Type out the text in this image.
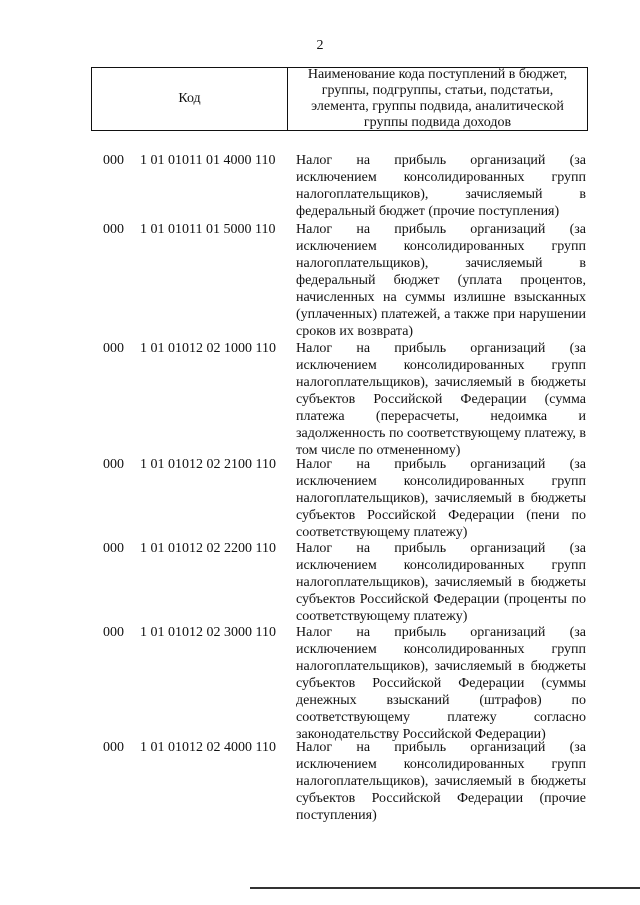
2
Код
Наименование кода поступлений в бюджет, группы, подгруппы, статьи, подстатьи, элемента, группы подвида, аналитической группы подвида доходов
000 1 01 01011 01 4000 110 Налог на прибыль организаций (за исключением консолидированных групп налогоплательщиков), зачисляемый в федеральный бюджет (прочие поступления)
000 1 01 01011 01 5000 110 Налог на прибыль организаций (за исключением консолидированных групп налогоплательщиков), зачисляемый в федеральный бюджет (уплата процентов, начисленных на суммы излишне взысканных (уплаченных) платежей, а также при нарушении сроков их возврата)
000 1 01 01012 02 1000 110 Налог на прибыль организаций (за исключением консолидированных групп налогоплательщиков), зачисляемый в бюджеты субъектов Российской Федерации (сумма платежа (перерасчеты, недоимка и задолженность по соответствующему платежу, в том числе по отмененному)
000 1 01 01012 02 2100 110 Налог на прибыль организаций (за исключением консолидированных групп налогоплательщиков), зачисляемый в бюджеты субъектов Российской Федерации (пени по соответствующему платежу)
000 1 01 01012 02 2200 110 Налог на прибыль организаций (за исключением консолидированных групп налогоплательщиков), зачисляемый в бюджеты субъектов Российской Федерации (проценты по соответствующему платежу)
000 1 01 01012 02 3000 110 Налог на прибыль организаций (за исключением консолидированных групп налогоплательщиков), зачисляемый в бюджеты субъектов Российской Федерации (суммы денежных взысканий (штрафов) по соответствующему платежу согласно законодательству Российской Федерации)
000 1 01 01012 02 4000 110 Налог на прибыль организаций (за исключением консолидированных групп налогоплательщиков), зачисляемый в бюджеты субъектов Российской Федерации (прочие поступления)
